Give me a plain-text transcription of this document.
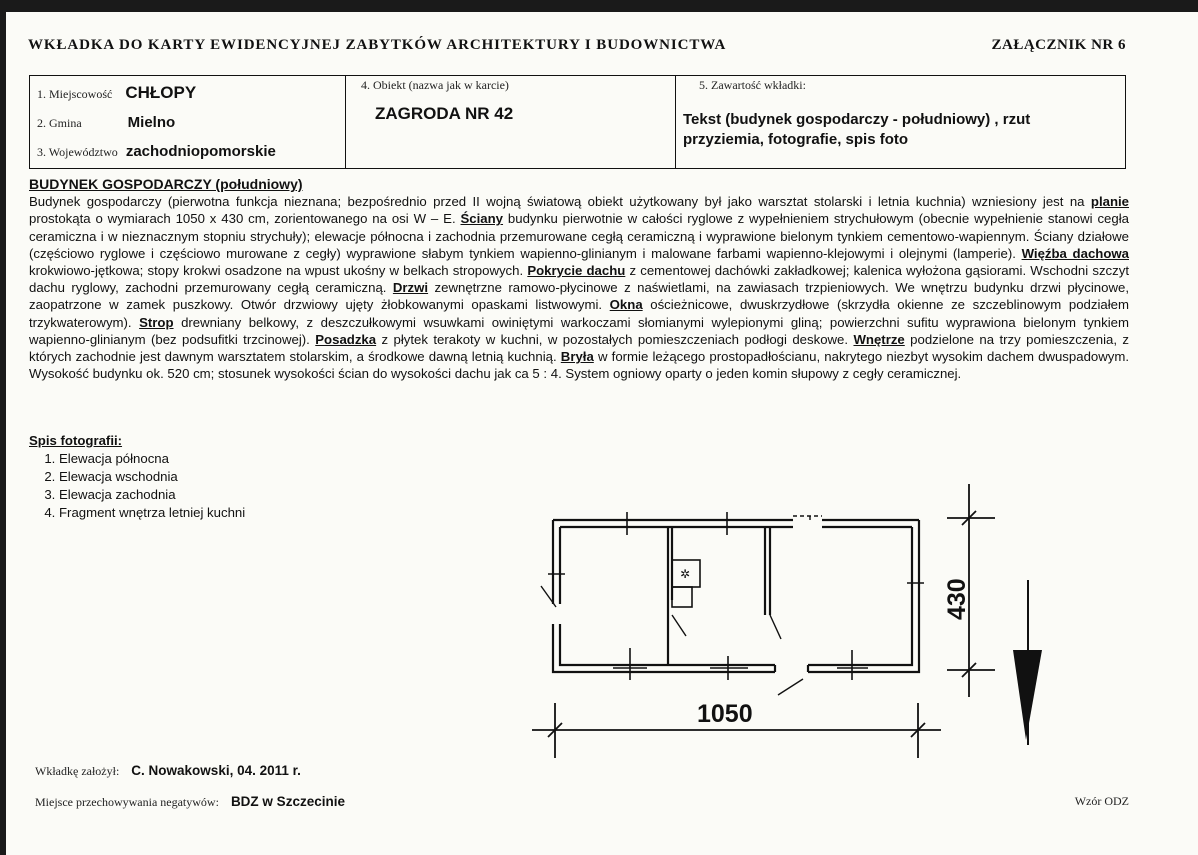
WKŁADKA DO KARTY EWIDENCYJNEJ ZABYTKÓW ARCHITEKTURY I BUDOWNICTWA	ZAŁĄCZNIK NR 6
1. Miejscowość CHŁOPY
2. Gmina	Mielno
3. Województwo zachodniopomorskie
4. Obiekt (nazwa jak w karcie)
ZAGRODA NR 42
5. Zawartość wkładki:
Tekst (budynek gospodarczy - południowy) , rzut
przyziemia, fotografie, spis foto
BUDYNEK GOSPODARCZY (południowy)
Budynek gospodarczy (pierwotna funkcja nieznana; bezpośrednio przed II wojną światową obiekt użytkowany był jako warsztat stolarski i letnia kuchnia) wzniesiony jest na planie prostokąta o wymiarach 1050 x 430 cm, zorientowanego na osi W – E. Ściany budynku pierwotnie w całości ryglowe z wypełnieniem strychułowym (obecnie wypełnienie stanowi cegła ceramiczna i w nieznacznym stopniu strychuły); elewacje północna i zachodnia przemurowane cegłą ceramiczną i wyprawione bielonym tynkiem cementowo-wapiennym. Ściany działowe (częściowo ryglowe i częściowo murowane z cegły) wyprawione słabym tynkiem wapienno-glinianym i malowane farbami wapienno-klejowymi i olejnymi (lamperie). Więźba dachowa krokwiowo-jętkowa; stopy krokwi osadzone na wpust ukośny w belkach stropowych. Pokrycie dachu z cementowej dachówki zakładkowej; kalenica wyłożona gąsiorami. Wschodni szczyt dachu ryglowy, zachodni przemurowany cegłą ceramiczną. Drzwi zewnętrzne ramowo-płycinowe z naświetlami, na zawiasach trzpieniowych. We wnętrzu budynku drzwi płycinowe, zaopatrzone w zamek puszkowy. Otwór drzwiowy ujęty żłobkowanymi opaskami listwowymi. Okna ościeżnicowe, dwuskrzydłowe (skrzydła okienne ze szczeblinowym podziałem trzykwaterowym). Strop drewniany belkowy, z deszczułkowymi wsuwkami owiniętymi warkoczami słomianymi wylepionymi gliną; powierzchni sufitu wyprawiona bielonym tynkiem wapienno-glinianym (bez podsufitki trzcinowej). Posadzka z płytek terakoty w kuchni, w pozostałych pomieszczeniach podłogi deskowe. Wnętrze podzielone na trzy pomieszczenia, z których zachodnie jest dawnym warsztatem stolarskim, a środkowe dawną letnią kuchnią. Bryła w formie leżącego prostopadłościanu, nakrytego niezbyt wysokim dachem dwuspadowym. Wysokość budynku ok. 520 cm; stosunek wysokości ścian do wysokości dachu jak ca 5 : 4. System ogniowy oparty o jeden komin słupowy z cegły ceramicznej.
Spis fotografii:
1. Elewacja północna
2. Elewacja wschodnia
3. Elewacja zachodnia
4. Fragment wnętrza letniej kuchni
✲
1050
430
Wkładkę założył: C. Nowakowski, 04. 2011 r.
Miejsce przechowywania negatywów: BDZ w Szczecinie	Wzór ODZ
